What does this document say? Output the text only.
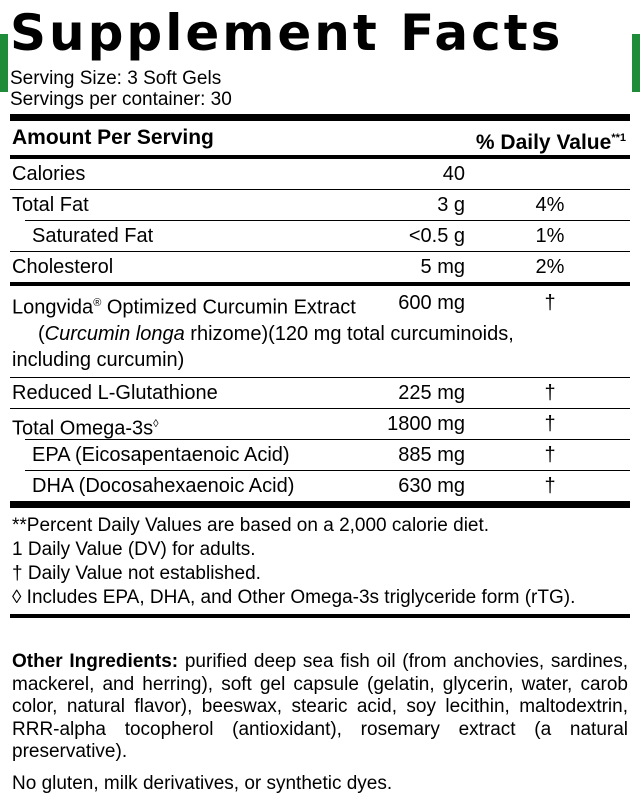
Supplement Facts
Serving Size: 3 Soft Gels
Servings per container: 30
Amount Per Serving	% Daily Value$^{**1}$
Calories	40
Total Fat	3 g	4%
Saturated Fat	<0.5 g	1%
Cholesterol	5 mg	2%
Longvida® Optimized Curcumin Extract
(Curcumin longa rhizome)(120 mg total curcuminoids,
including curcumin)
600 mg	†
Reduced L-Glutathione	225 mg	†
Total Omega-3s◊	1800 mg	†
EPA (Eicosapentaenoic Acid)	885 mg	†
DHA (Docosahexaenoic Acid)	630 mg	†
**Percent Daily Values are based on a 2,000 calorie diet.
1 Daily Value (DV) for adults.
† Daily Value not established.
◊ Includes EPA, DHA, and Other Omega-3s triglyceride form (rTG).
Other Ingredients: purified deep sea fish oil (from anchovies, sardines, mackerel, and herring), soft gel capsule (gelatin, glycerin, water, carob color, natural flavor), beeswax, stearic acid, soy lecithin, maltodextrin, RRR-alpha tocopherol (antioxidant), rosemary extract (a natural preservative).
No gluten, milk derivatives, or synthetic dyes.
